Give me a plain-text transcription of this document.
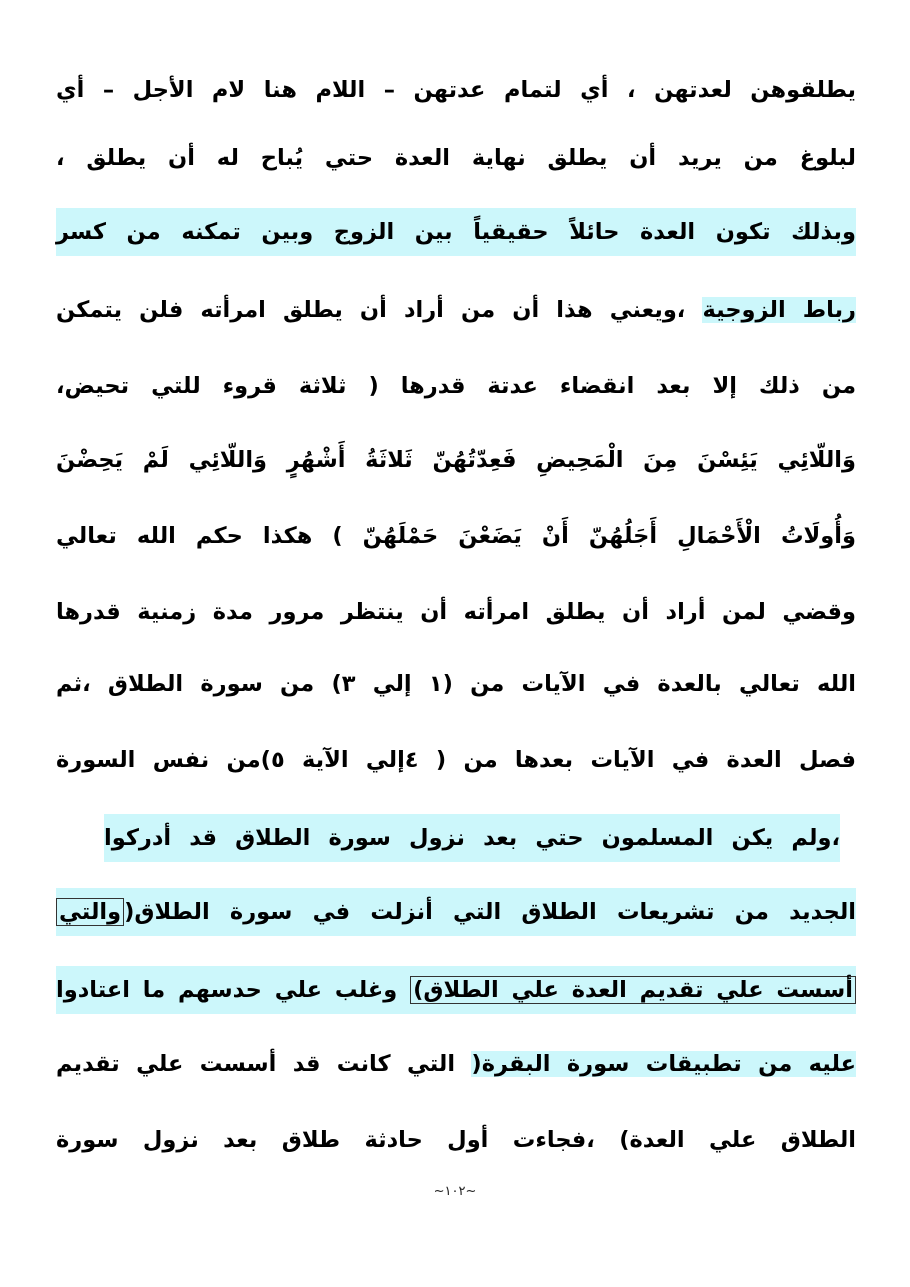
يطلقوهن لعدتهن ، أي لتمام عدتهن – اللام هنا لام الأجل – أي
لبلوغ من يريد أن يطلق نهاية العدة حتي يُباح له أن يطلق ،
وبذلك تكون العدة حائلاً حقيقياً بين الزوج وبين تمكنه من كسر
رباط الزوجية ،ويعني هذا أن من أراد أن يطلق امرأته فلن يتمكن
من ذلك إلا بعد انقضاء عدتة قدرها ( ثلاثة قروء للتي تحيض،
وَاللّائِي يَئِسْنَ مِنَ الْمَحِيضِ فَعِدّتُهُنّ ثَلاثَةُ أَشْهُرٍ وَاللّائِي لَمْ يَحِضْنَ
وَأُولَاتُ الْأَحْمَالِ أَجَلُهُنّ أَنْ يَضَعْنَ حَمْلَهُنّ ) هكذا حكم الله تعالي
وقضي لمن أراد أن يطلق امرأته أن ينتظر مرور مدة زمنية قدرها
الله تعالي بالعدة في الآيات من (١ إلي ٣) من سورة الطلاق ،ثم
فصل العدة في الآيات بعدها من ( ٤إلي الآية ٥)من نفس السورة
،ولم يكن المسلمون حتي بعد نزول سورة الطلاق قد أدركوا
الجديد من تشريعات الطلاق التي أنزلت في سورة الطلاق(والتي
أسست علي تقديم العدة علي الطلاق) وغلب علي حدسهم ما اعتادوا
عليه من تطبيقات سورة البقرة( التي كانت قد أسست علي تقديم
الطلاق علي العدة) ،فجاءت أول حادثة طلاق بعد نزول سورة
~١٠٢~
